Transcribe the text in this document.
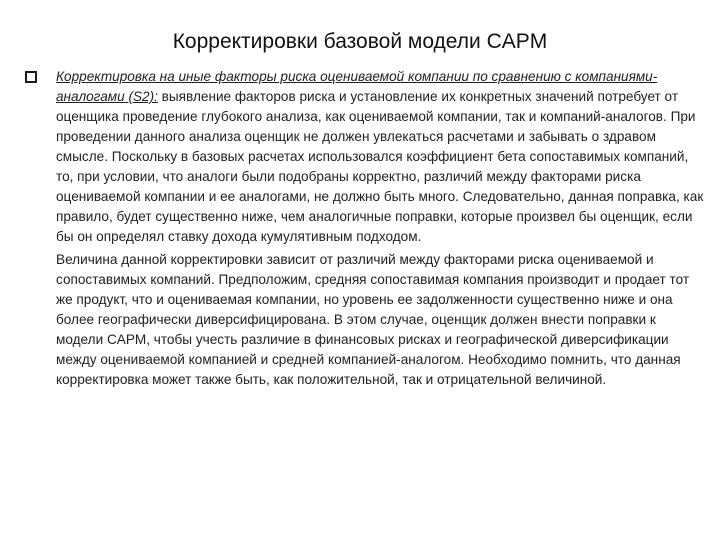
Корректировки базовой модели CAPM

Корректировка на иные факторы риска оцениваемой компании по сравнению с компаниями-аналогами (S2): выявление факторов риска и установление их конкретных значений потребует от оценщика проведение глубокого анализа, как оцениваемой компании, так и компаний-аналогов. При проведении данного анализа оценщик не должен увлекаться расчетами и забывать о здравом смысле. Поскольку в базовых расчетах использовался коэффициент бета сопоставимых компаний, то, при условии, что аналоги были подобраны корректно, различий между факторами риска оцениваемой компании и ее аналогами, не должно быть много. Следовательно, данная поправка, как правило, будет существенно ниже, чем аналогичные поправки, которые произвел бы оценщик, если бы он определял ставку дохода кумулятивным подходом.

Величина данной корректировки зависит от различий между факторами риска оцениваемой и сопоставимых компаний. Предположим, средняя сопоставимая компания производит и продает тот же продукт, что и оцениваемая компании, но уровень ее задолженности существенно ниже и она более географически диверсифицирована. В этом случае, оценщик должен внести поправки к модели CAPM, чтобы учесть различие в финансовых рисках и географической диверсификации между оцениваемой компанией и средней компанией-аналогом. Необходимо помнить, что данная корректировка может также быть, как положительной, так и отрицательной величиной.
